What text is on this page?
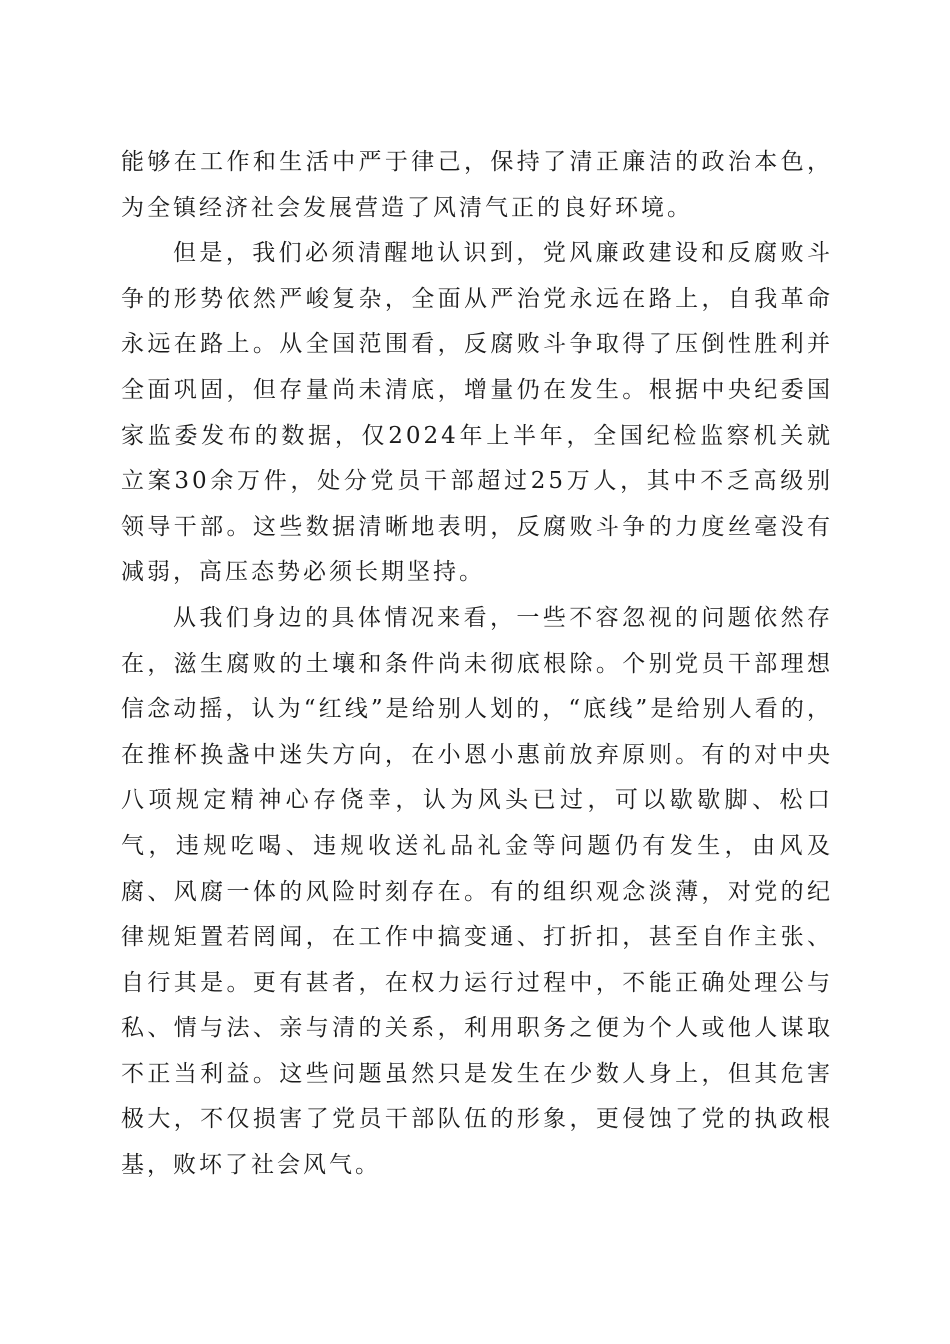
能够在工作和生活中严于律己，保持了清正廉洁的政治本色，为全镇经济社会发展营造了风清气正的良好环境。

但是，我们必须清醒地认识到，党风廉政建设和反腐败斗争的形势依然严峻复杂，全面从严治党永远在路上，自我革命永远在路上。从全国范围看，反腐败斗争取得了压倒性胜利并全面巩固，但存量尚未清底，增量仍在发生。根据中央纪委国家监委发布的数据，仅2024年上半年，全国纪检监察机关就立案30余万件，处分党员干部超过25万人，其中不乏高级别领导干部。这些数据清晰地表明，反腐败斗争的力度丝毫没有减弱，高压态势必须长期坚持。

从我们身边的具体情况来看，一些不容忽视的问题依然存在，滋生腐败的土壤和条件尚未彻底根除。个别党员干部理想信念动摇，认为“红线”是给别人划的，“底线”是给别人看的，在推杯换盏中迷失方向，在小恩小惠前放弃原则。有的对中央八项规定精神心存侥幸，认为风头已过，可以歇歇脚、松口气，违规吃喝、违规收送礼品礼金等问题仍有发生，由风及腐、风腐一体的风险时刻存在。有的组织观念淡薄，对党的纪律规矩置若罔闻，在工作中搞变通、打折扣，甚至自作主张、自行其是。更有甚者，在权力运行过程中，不能正确处理公与私、情与法、亲与清的关系，利用职务之便为个人或他人谋取不正当利益。这些问题虽然只是发生在少数人身上，但其危害极大，不仅损害了党员干部队伍的形象，更侵蚀了党的执政根基，败坏了社会风气。
